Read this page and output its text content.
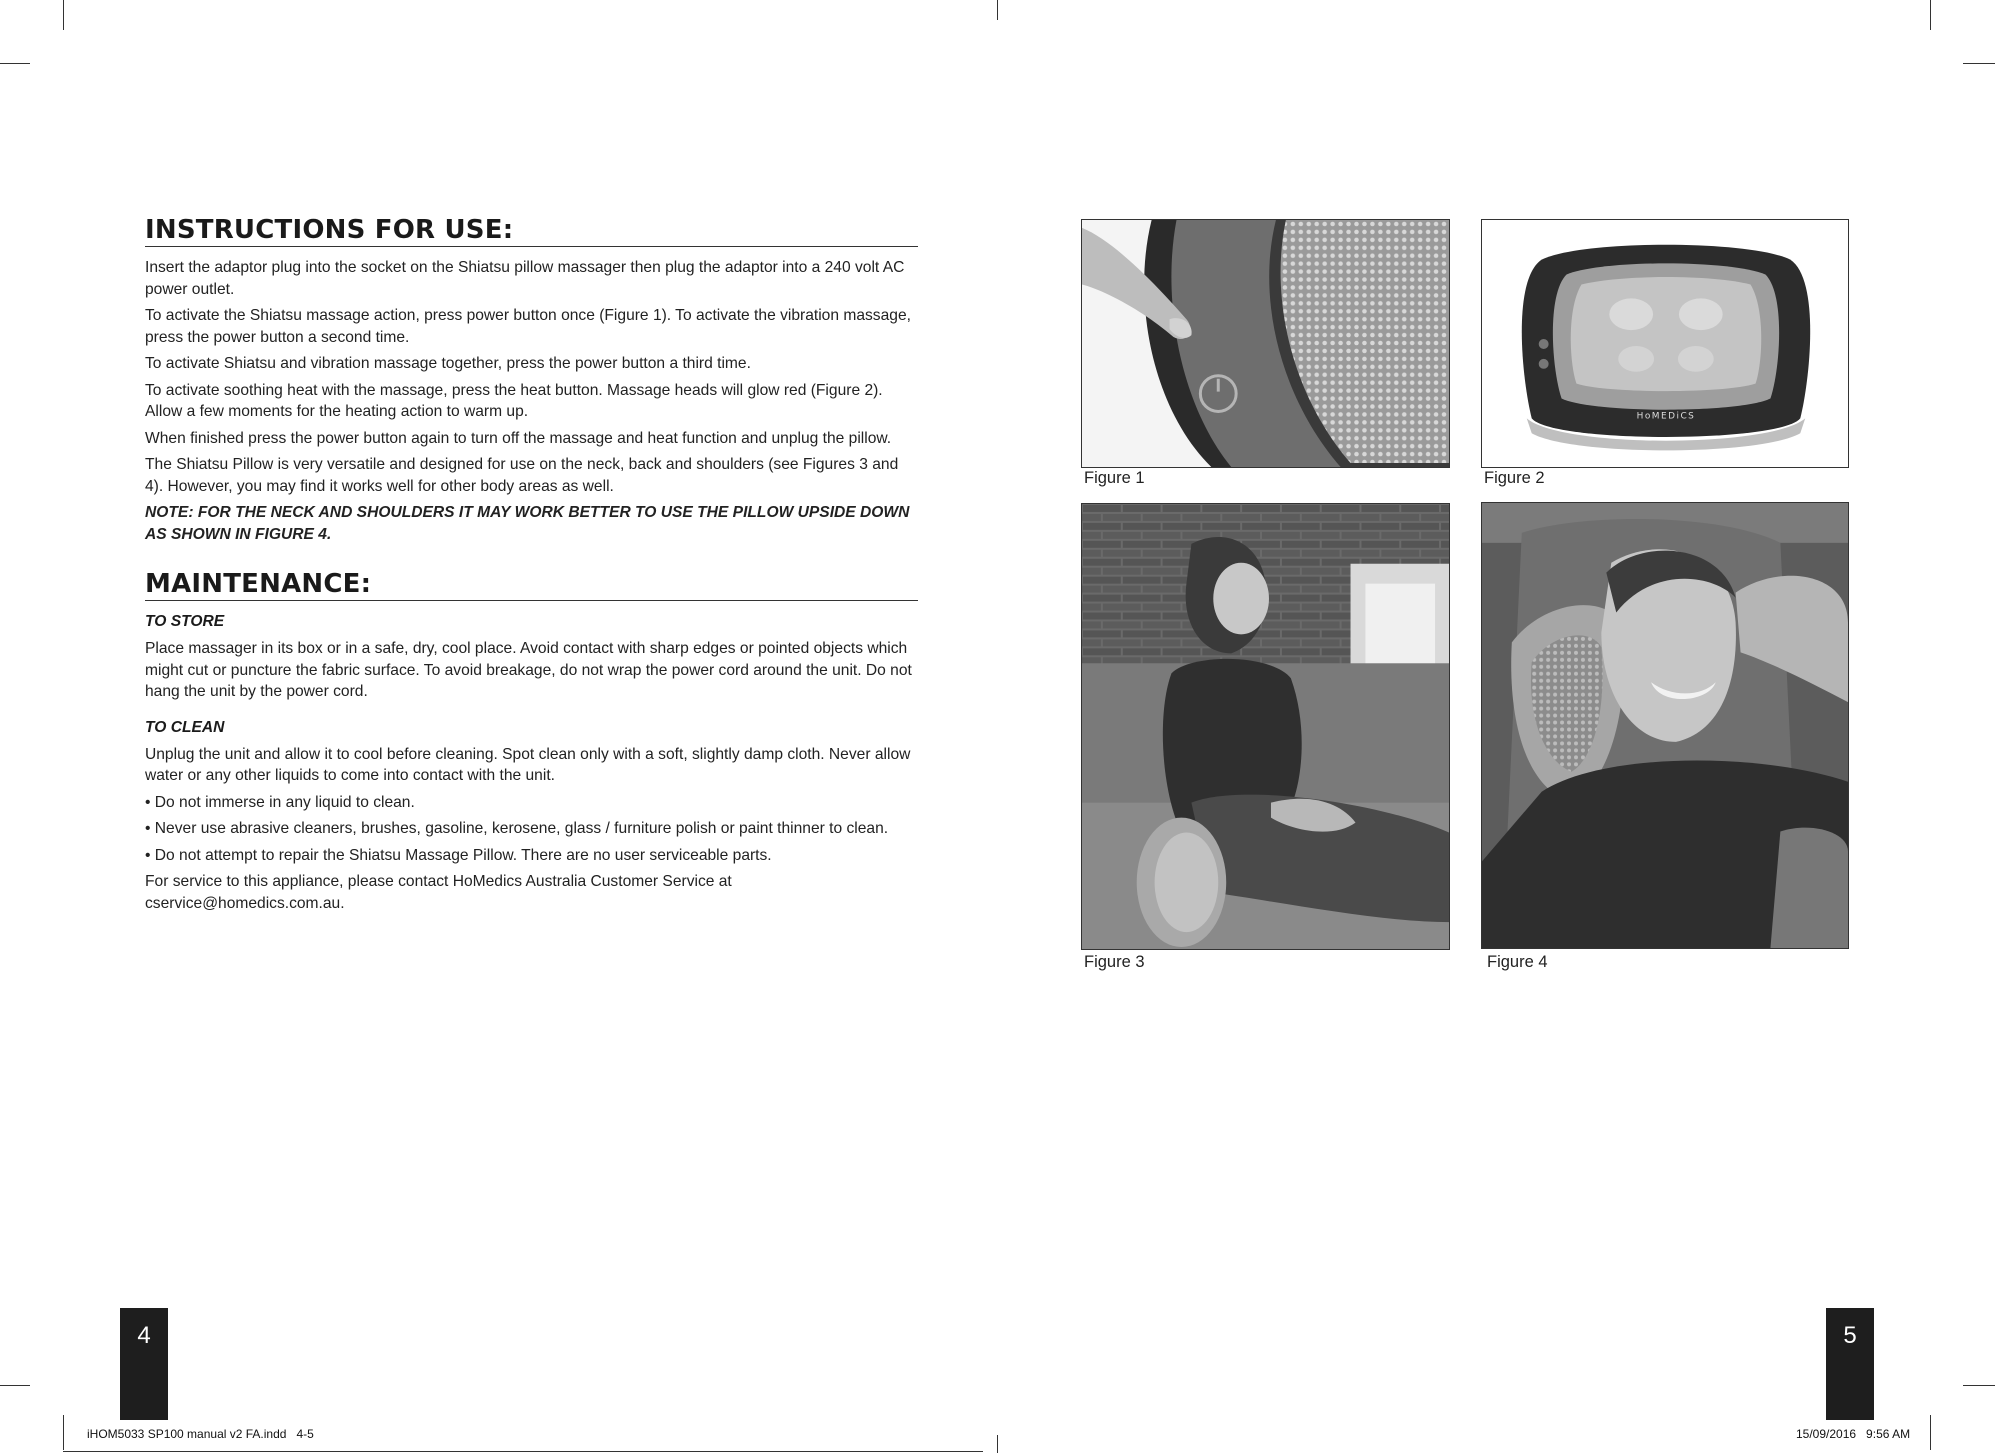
INSTRUCTIONS FOR USE:

Insert the adaptor plug into the socket on the Shiatsu pillow massager then plug the adaptor into a 240 volt AC power outlet.

To activate the Shiatsu massage action, press power button once (Figure 1). To activate the vibration massage, press the power button a second time.

To activate Shiatsu and vibration massage together, press the power button a third time.

To activate soothing heat with the massage, press the heat button. Massage heads will glow red (Figure 2). Allow a few moments for the heating action to warm up.

When finished press the power button again to turn off the massage and heat function and unplug the pillow.

The Shiatsu Pillow is very versatile and designed for use on the neck, back and shoulders (see Figures 3 and 4). However, you may find it works well for other body areas as well.

NOTE: FOR THE NECK AND SHOULDERS IT MAY WORK BETTER TO USE THE PILLOW UPSIDE DOWN AS SHOWN IN FIGURE 4.

MAINTENANCE:

TO STORE

Place massager in its box or in a safe, dry, cool place. Avoid contact with sharp edges or pointed objects which might cut or puncture the fabric surface. To avoid breakage, do not wrap the power cord around the unit. Do not hang the unit by the power cord.

TO CLEAN

Unplug the unit and allow it to cool before cleaning. Spot clean only with a soft, slightly damp cloth. Never allow water or any other liquids to come into contact with the unit.

• Do not immerse in any liquid to clean.

• Never use abrasive cleaners, brushes, gasoline, kerosene, glass / furniture polish or paint thinner to clean.

• Do not attempt to repair the Shiatsu Massage Pillow. There are no user serviceable parts.

For service to this appliance, please contact HoMedics Australia Customer Service at cservice@homedics.com.au.

Figure 1
HoMEDiCS
Figure 2
Figure 3	Figure 4
4	5
iHOM5033 SP100 manual v2 FA.indd   4-5	15/09/2016   9:56 AM
